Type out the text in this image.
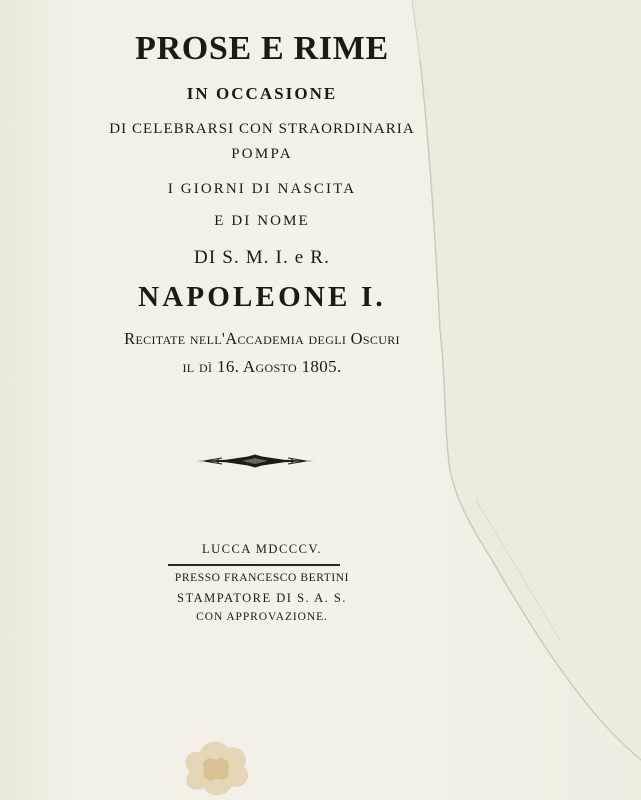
PROSE E RIME
IN OCCASIONE
DI CELEBRARSI CON STRAORDINARIA
POMPA
I GIORNI DI NASCITA
E DI NOME
DI S. M. I. e R.
NAPOLEONE I.
Recitate nell'Accademia degli Oscuri
il dì 16. Agosto 1805.
LUCCA MDCCCV.
PRESSO FRANCESCO BERTINI
STAMPATORE DI S. A. S.
CON APPROVAZIONE.
